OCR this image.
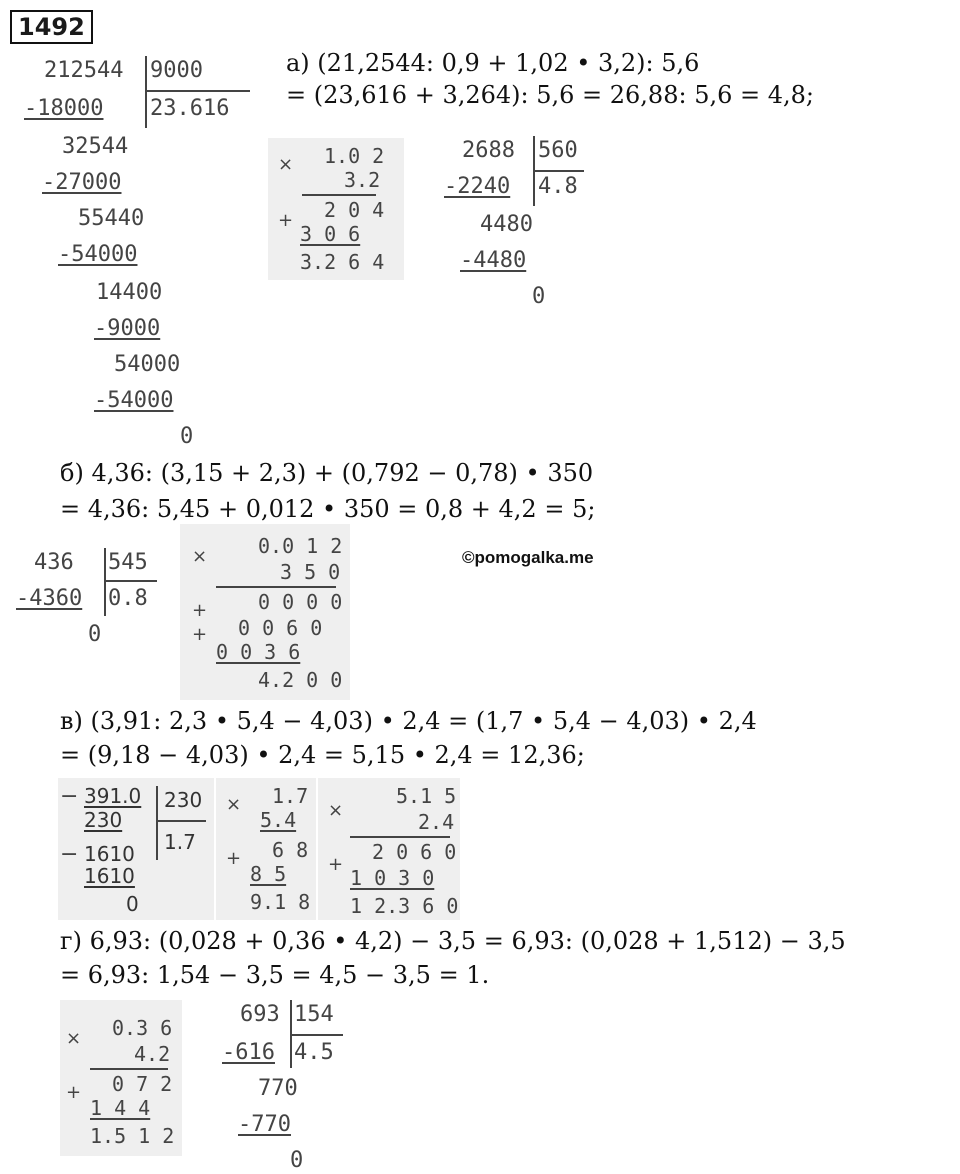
1492
а) (21,2544: 0,9 + 1,02 • 3,2): 5,6
= (23,616 + 3,264): 5,6 = 26,88: 5,6 = 4,8;
212544 9000
23.616
-18000
32544
-27000
55440
-54000
14400
-9000
54000
-54000
0
× 1.0 2
3.2
+ 2 0 4
3 0 6
3.2 6 4
2688 560
4.8
-2240
4480
-4480
0
б) 4,36: (3,15 + 2,3) + (0,792 − 0,78) • 350
= 4,36: 5,45 + 0,012 • 350 = 0,8 + 4,2 = 5;
436 545
0.8
-4360
0
×	0.0 1 2
3 5 0
0 0 0 0
+
0 0 6 0
+
0 0 3 6
4.2 0 0
©pomogalka.me
в) (3,91: 2,3 • 5,4 − 4,03) • 2,4 = (1,7 • 5,4 − 4,03) • 2,4
= (9,18 − 4,03) • 2,4 = 5,15 • 2,4 = 12,36;
− 391.0 230
1.7
230
− 1610
1610
0
× 1.7
5.4
+ 6 8
8 5
9.1 8
×
5.1 5
2.4
+
2 0 6 0
1 0 3 0
1 2.3 6 0
г) 6,93: (0,028 + 0,36 • 4,2) − 3,5 = 6,93: (0,028 + 1,512) − 3,5
= 6,93: 1,54 − 3,5 = 4,5 − 3,5 = 1.
× 0.3 6
4.2
+ 0 7 2
1 4 4
1.5 1 2
693 154
4.5
-616
770
-770
0
